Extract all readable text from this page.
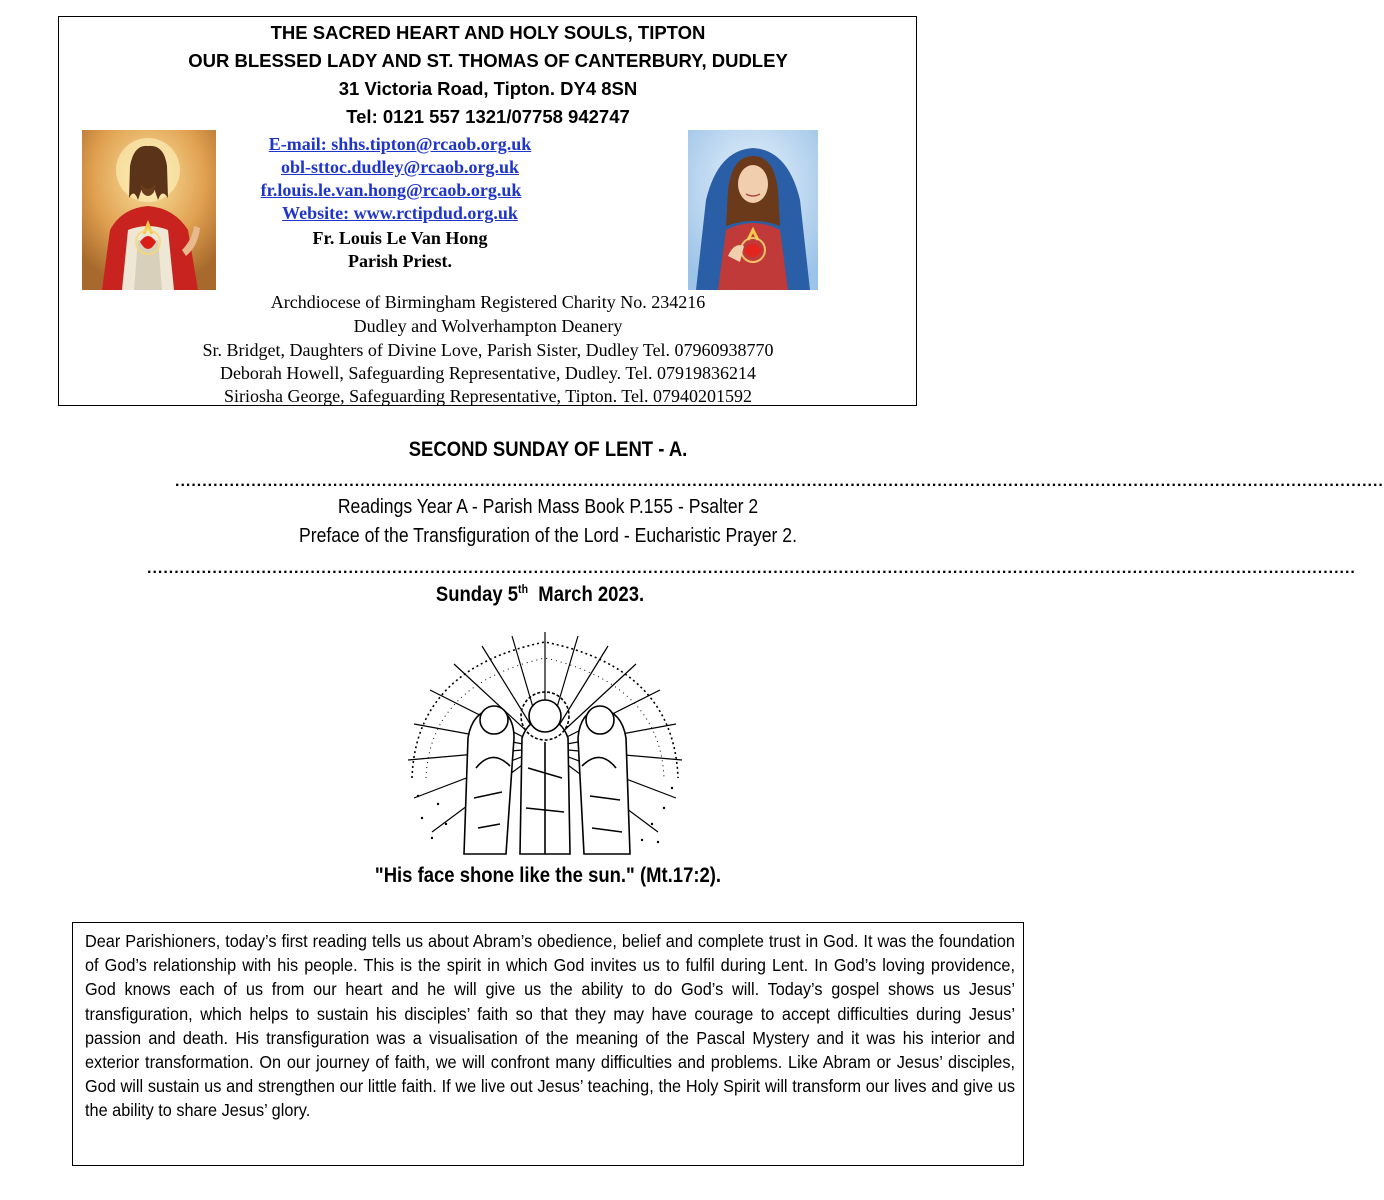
THE SACRED HEART AND HOLY SOULS, TIPTON
OUR BLESSED LADY AND ST. THOMAS OF CANTERBURY, DUDLEY
31 Victoria Road, Tipton. DY4 8SN
Tel: 0121 557 1321/07758 942747
E-mail: shhs.tipton@rcaob.org.uk
obl-sttoc.dudley@rcaob.org.uk
fr.louis.le.van.hong@rcaob.org.uk
Website: www.rctipdud.org.uk
Fr. Louis Le Van Hong
Parish Priest.
Archdiocese of Birmingham Registered Charity No. 234216
Dudley and Wolverhampton Deanery
Sr. Bridget, Daughters of Divine Love, Parish Sister, Dudley Tel. 07960938770
Deborah Howell, Safeguarding Representative, Dudley. Tel. 07919836214
Siriosha George, Safeguarding Representative, Tipton. Tel. 07940201592
SECOND SUNDAY OF LENT - A.
..............................................................................................................................................................................................................................
Readings Year A - Parish Mass Book P.155 - Psalter 2
Preface of the Transfiguration of the Lord - Eucharistic Prayer 2.
..............................................................................................................................................................................................................................
Sunday 5th  March 2023.
"His face shone like the sun." (Mt.17:2).

Dear Parishioners, today’s first reading tells us about Abram’s obedience, belief and complete trust in God. It was the foundation of God’s relationship with his people. This is the spirit in which God invites us to fulfil during Lent. In God’s loving providence, God knows each of us from our heart and he will give us the ability to do God’s will. Today’s gospel shows us Jesus’ transfiguration, which helps to sustain his disciples’ faith so that they may have courage to accept difficulties during Jesus’ passion and death. His transfiguration was a visualisation of the meaning of the Pascal Mystery and it was his interior and exterior transformation. On our journey of faith, we will confront many difficulties and problems. Like Abram or Jesus’ disciples, God will sustain us and strengthen our little faith. If we live out Jesus’ teaching, the Holy Spirit will transform our lives and give us the ability to share Jesus’ glory.
